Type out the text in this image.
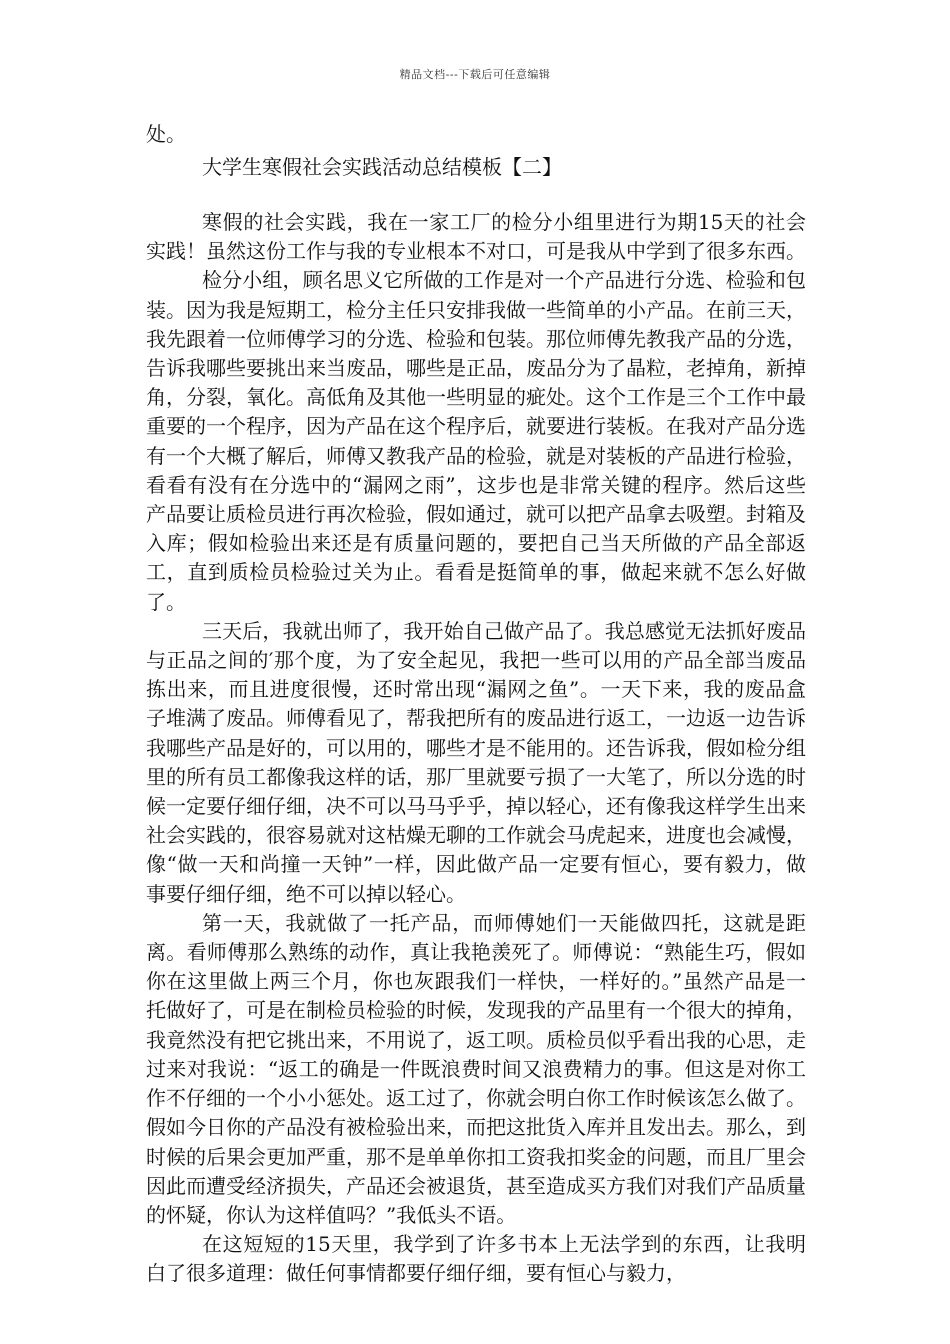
精品文档---下载后可任意编辑

处。

大学生寒假社会实践活动总结模板【二】

寒假的社会实践，我在一家工厂的检分小组里进行为期15天的社会实践！虽然这份工作与我的专业根本不对口，可是我从中学到了很多东西。

检分小组，顾名思义它所做的工作是对一个产品进行分选、检验和包装。因为我是短期工，检分主任只安排我做一些简单的小产品。在前三天，我先跟着一位师傅学习的分选、检验和包装。那位师傅先教我产品的分选，告诉我哪些要挑出来当废品，哪些是正品，废品分为了晶粒，老掉角，新掉角，分裂，氧化。高低角及其他一些明显的疵处。这个工作是三个工作中最重要的一个程序，因为产品在这个程序后，就要进行装板。在我对产品分选有一个大概了解后，师傅又教我产品的检验，就是对装板的产品进行检验，看看有没有在分选中的“漏网之雨”，这步也是非常关键的程序。然后这些产品要让质检员进行再次检验，假如通过，就可以把产品拿去吸塑。封箱及入库；假如检验出来还是有质量问题的，要把自己当天所做的产品全部返工，直到质检员检验过关为止。看看是挺简单的事，做起来就不怎么好做了。

三天后，我就出师了，我开始自己做产品了。我总感觉无法抓好废品与正品之间的′那个度，为了安全起见，我把一些可以用的产品全部当废品拣出来，而且进度很慢，还时常出现“漏网之鱼”。一天下来，我的废品盒子堆满了废品。师傅看见了，帮我把所有的废品进行返工，一边返一边告诉我哪些产品是好的，可以用的，哪些才是不能用的。还告诉我，假如检分组里的所有员工都像我这样的话，那厂里就要亏损了一大笔了，所以分选的时候一定要仔细仔细，决不可以马马乎乎，掉以轻心，还有像我这样学生出来社会实践的，很容易就对这枯燥无聊的工作就会马虎起来，进度也会减慢，像“做一天和尚撞一天钟”一样，因此做产品一定要有恒心，要有毅力，做事要仔细仔细，绝不可以掉以轻心。

第一天，我就做了一托产品，而师傅她们一天能做四托，这就是距离。看师傅那么熟练的动作，真让我艳羡死了。师傅说：“熟能生巧，假如你在这里做上两三个月，你也灰跟我们一样快，一样好的。”虽然产品是一托做好了，可是在制检员检验的时候，发现我的产品里有一个很大的掉角，我竟然没有把它挑出来，不用说了，返工呗。质检员似乎看出我的心思，走过来对我说：“返工的确是一件既浪费时间又浪费精力的事。但这是对你工作不仔细的一个小小惩处。返工过了，你就会明白你工作时候该怎么做了。假如今日你的产品没有被检验出来，而把这批货入库并且发出去。那么，到时候的后果会更加严重，那不是单单你扣工资我扣奖金的问题，而且厂里会因此而遭受经济损失，产品还会被退货，甚至造成买方我们对我们产品质量的怀疑，你认为这样值吗？”我低头不语。

在这短短的15天里，我学到了许多书本上无法学到的东西，让我明白了很多道理：做任何事情都要仔细仔细，要有恒心与毅力，
